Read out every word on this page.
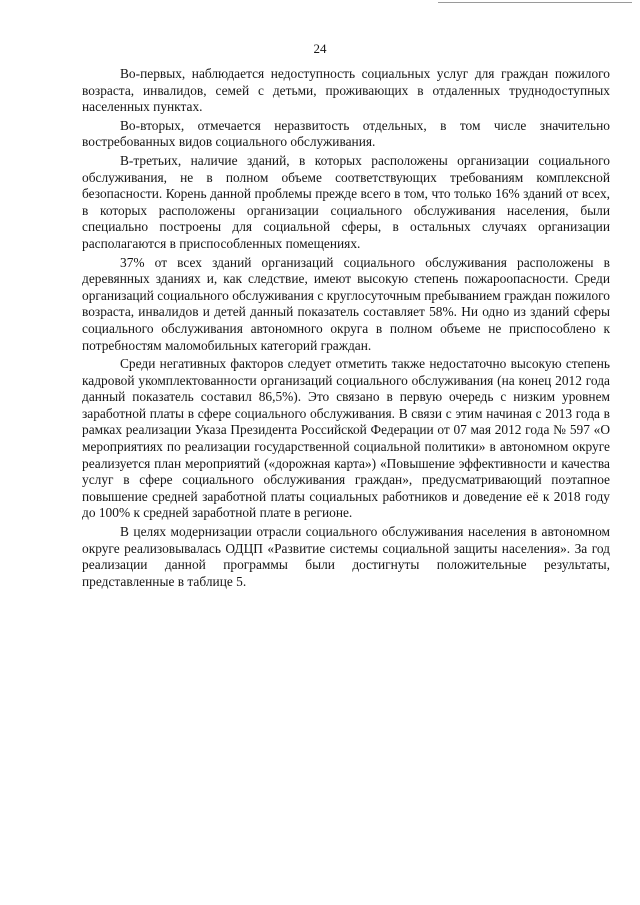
24

Во-первых, наблюдается недоступность социальных услуг для граждан пожилого возраста, инвалидов, семей с детьми, проживающих в отдаленных труднодоступных населенных пунктах.

Во-вторых, отмечается неразвитость отдельных, в том числе значительно востребованных видов социального обслуживания.

В-третьих, наличие зданий, в которых расположены организации социального обслуживания, не в полном объеме соответствующих требованиям комплексной безопасности. Корень данной проблемы прежде всего в том, что только 16% зданий от всех, в которых расположены организации социального обслуживания населения, были специально построены для социальной сферы, в остальных случаях организации располагаются в приспособленных помещениях.

37% от всех зданий организаций социального обслуживания расположены в деревянных зданиях и, как следствие, имеют высокую степень пожароопасности. Среди организаций социального обслуживания с круглосуточным пребыванием граждан пожилого возраста, инвалидов и детей данный показатель составляет 58%. Ни одно из зданий сферы социального обслуживания автономного округа в полном объеме не приспособлено к потребностям маломобильных категорий граждан.

Среди негативных факторов следует отметить также недостаточно высокую степень кадровой укомплектованности организаций социального обслуживания (на конец 2012 года данный показатель составил 86,5%). Это связано в первую очередь с низким уровнем заработной платы в сфере социального обслуживания. В связи с этим начиная с 2013 года в рамках реализации Указа Президента Российской Федерации от 07 мая 2012 года № 597 «О мероприятиях по реализации государственной социальной политики» в автономном округе реализуется план мероприятий («дорожная карта») «Повышение эффективности и качества услуг в сфере социального обслуживания граждан», предусматривающий поэтапное повышение средней заработной платы социальных работников и доведение её к 2018 году до 100% к средней заработной плате в регионе.

В целях модернизации отрасли социального обслуживания населения в автономном округе реализовывалась ОДЦП «Развитие системы социальной защиты населения». За год реализации данной программы были достигнуты положительные результаты, представленные в таблице 5.
